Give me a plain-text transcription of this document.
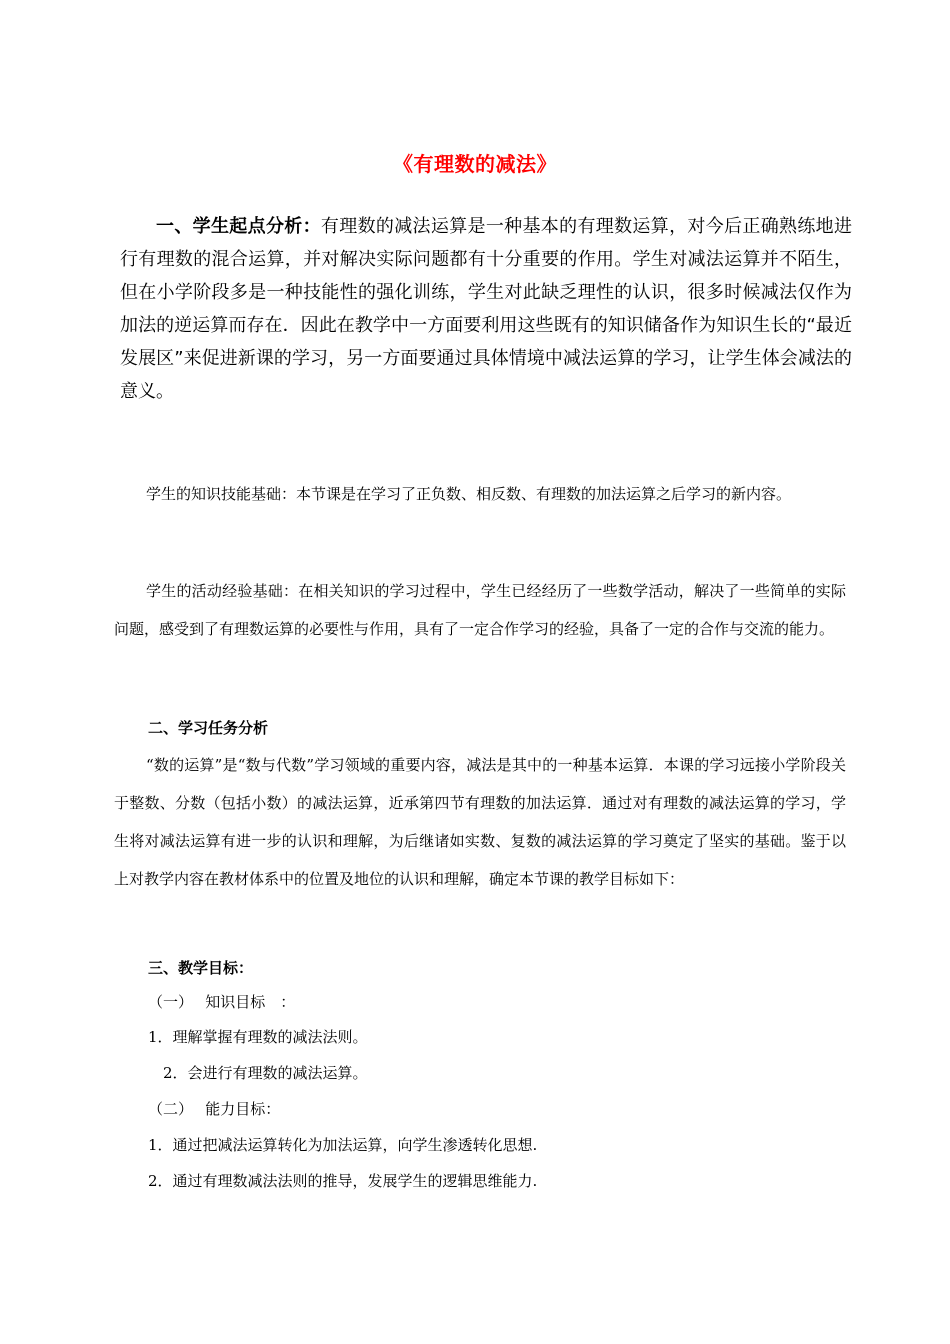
《有理数的减法》

一、学生起点分析：有理数的减法运算是一种基本的有理数运算，对今后正确熟练地进行有理数的混合运算，并对解决实际问题都有十分重要的作用。学生对减法运算并不陌生，但在小学阶段多是一种技能性的强化训练，学生对此缺乏理性的认识，很多时候减法仅作为加法的逆运算而存在．因此在教学中一方面要利用这些既有的知识储备作为知识生长的“最近发展区”来促进新课的学习，另一方面要通过具体情境中减法运算的学习，让学生体会减法的意义。

学生的知识技能基础：本节课是在学习了正负数、相反数、有理数的加法运算之后学习的新内容。

学生的活动经验基础：在相关知识的学习过程中，学生已经经历了一些数学活动，解决了一些简单的实际问题，感受到了有理数运算的必要性与作用，具有了一定合作学习的经验，具备了一定的合作与交流的能力。

二、学习任务分析

“数的运算”是“数与代数”学习领域的重要内容，减法是其中的一种基本运算．本课的学习远接小学阶段关于整数、分数（包括小数）的减法运算，近承第四节有理数的加法运算．通过对有理数的减法运算的学习，学生将对减法运算有进一步的认识和理解，为后继诸如实数、复数的减法运算的学习奠定了坚实的基础。鉴于以上对教学内容在教材体系中的位置及地位的认识和理解，确定本节课的教学目标如下：

三、教学目标：

（一）　 知识目标　：

1．理解掌握有理数的减法法则。

2．会进行有理数的减法运算。

（二）　 能力目标：

1．通过把减法运算转化为加法运算，向学生渗透转化思想.

2．通过有理数减法法则的推导，发展学生的逻辑思维能力.
